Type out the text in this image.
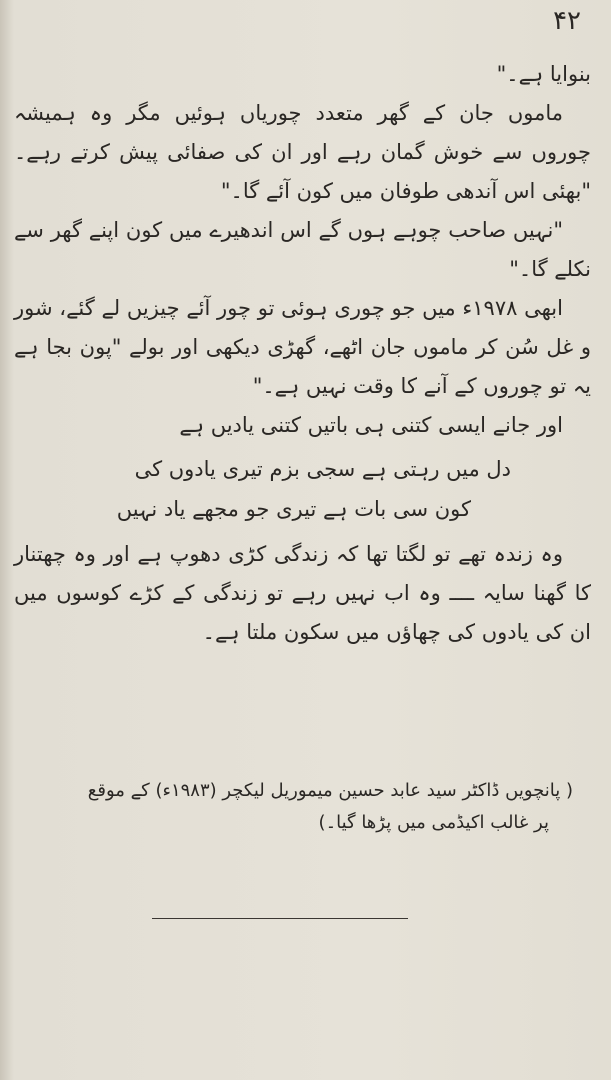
۴۲

بنوایا ہے۔"

ماموں جان کے گھر متعدد چوریاں ہوئیں مگر وہ ہمیشہ چوروں سے خوش گمان رہے اور ان کی صفائی پیش کرتے رہے۔ "بھئی اس آندھی طوفان میں کون آئے گا۔"

"نہیں صاحب چوہے ہوں گے اس اندھیرے میں کون اپنے گھر سے نکلے گا۔"

ابھی ۱۹۷۸ء میں جو چوری ہوئی تو چور آئے چیزیں لے گئے، شور و غل سُن کر ماموں جان اٹھے، گھڑی دیکھی اور بولے "پون بجا ہے یہ تو چوروں کے آنے کا وقت نہیں ہے۔"

اور جانے ایسی کتنی ہی باتیں کتنی یادیں ہے

دل میں رہتی ہے سجی بزم تیری یادوں کی
کون سی بات ہے تیری جو مجھے یاد نہیں

وہ زندہ تھے تو لگتا تھا کہ زندگی کڑی دھوپ ہے اور وہ چھتنار کا گھنا سایہ ــــ وہ اب نہیں رہے تو زندگی کے کڑے کوسوں میں ان کی یادوں کی چھاؤں میں سکون ملتا ہے۔

( پانچویں ڈاکٹر سید عابد حسین میموریل لیکچر (۱۹۸۳ء) کے موقع
پر غالب اکیڈمی میں پڑھا گیا۔)
